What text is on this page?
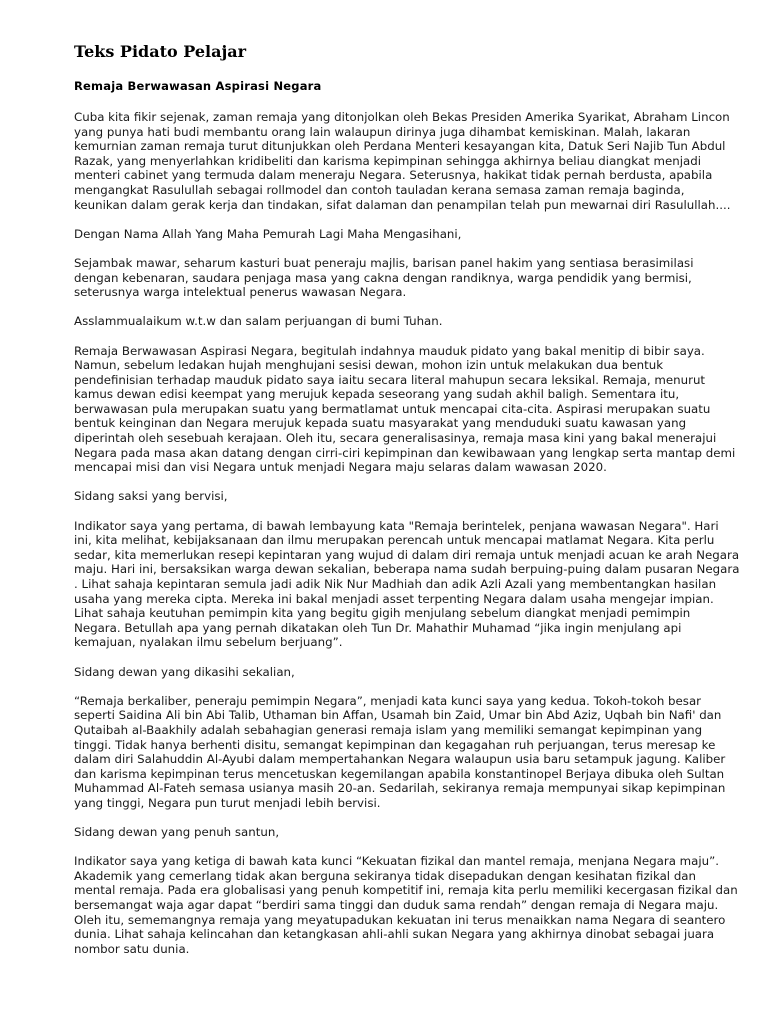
Teks Pidato Pelajar
Remaja Berwawasan Aspirasi Negara

Cuba kita fikir sejenak, zaman remaja yang ditonjolkan oleh Bekas Presiden Amerika Syarikat, Abraham Lincon yang punya hati budi membantu orang lain walaupun dirinya juga dihambat kemiskinan. Malah, lakaran kemurnian zaman remaja turut ditunjukkan oleh Perdana Menteri kesayangan kita, Datuk Seri Najib Tun Abdul Razak, yang menyerlahkan kridibeliti dan karisma kepimpinan sehingga akhirnya beliau diangkat menjadi menteri cabinet yang termuda dalam meneraju Negara. Seterusnya, hakikat tidak pernah berdusta, apabila mengangkat Rasulullah sebagai rollmodel dan contoh tauladan kerana semasa zaman remaja baginda, keunikan dalam gerak kerja dan tindakan, sifat dalaman dan penampilan telah pun mewarnai diri Rasulullah....

Dengan Nama Allah Yang Maha Pemurah Lagi Maha Mengasihani,

Sejambak mawar, seharum kasturi buat peneraju majlis, barisan panel hakim yang sentiasa berasimilasi dengan kebenaran, saudara penjaga masa yang cakna dengan randiknya, warga pendidik yang bermisi, seterusnya warga intelektual penerus wawasan Negara.

Asslammualaikum w.t.w dan salam perjuangan di bumi Tuhan.

Remaja Berwawasan Aspirasi Negara, begitulah indahnya mauduk pidato yang bakal menitip di bibir saya. Namun, sebelum ledakan hujah menghujani sesisi dewan, mohon izin untuk melakukan dua bentuk pendefinisian terhadap mauduk pidato saya iaitu secara literal mahupun secara leksikal. Remaja, menurut kamus dewan edisi keempat yang merujuk kepada seseorang yang sudah akhil baligh. Sementara itu, berwawasan pula merupakan suatu yang bermatlamat untuk mencapai cita-cita. Aspirasi merupakan suatu bentuk keinginan dan Negara merujuk kepada suatu masyarakat yang menduduki suatu kawasan yang diperintah oleh sesebuah kerajaan. Oleh itu, secara generalisasinya, remaja masa kini yang bakal menerajui Negara pada masa akan datang dengan cirri-ciri kepimpinan dan kewibawaan yang lengkap serta mantap demi mencapai misi dan visi Negara untuk menjadi Negara maju selaras dalam wawasan 2020.

Sidang saksi yang bervisi,

Indikator saya yang pertama, di bawah lembayung kata "Remaja berintelek, penjana wawasan Negara". Hari ini, kita melihat, kebijaksanaan dan ilmu merupakan perencah untuk mencapai matlamat Negara. Kita perlu sedar, kita memerlukan resepi kepintaran yang wujud di dalam diri remaja untuk menjadi acuan ke arah Negara maju. Hari ini, bersaksikan warga dewan sekalian, beberapa nama sudah berpuing-puing dalam pusaran Negara . Lihat sahaja kepintaran semula jadi adik Nik Nur Madhiah dan adik Azli Azali yang membentangkan hasilan usaha yang mereka cipta. Mereka ini bakal menjadi asset terpenting Negara dalam usaha mengejar impian. Lihat sahaja keutuhan pemimpin kita yang begitu gigih menjulang sebelum diangkat menjadi pemimpin Negara. Betullah apa yang pernah dikatakan oleh Tun Dr. Mahathir Muhamad “jika ingin menjulang api kemajuan, nyalakan ilmu sebelum berjuang”.

Sidang dewan yang dikasihi sekalian,

“Remaja berkaliber, peneraju pemimpin Negara”, menjadi kata kunci saya yang kedua. Tokoh-tokoh besar seperti Saidina Ali bin Abi Talib, Uthaman bin Affan, Usamah bin Zaid, Umar bin Abd Aziz, Uqbah bin Nafi' dan Qutaibah al-Baakhily adalah sebahagian generasi remaja islam yang memiliki semangat kepimpinan yang tinggi. Tidak hanya berhenti disitu, semangat kepimpinan dan kegagahan ruh perjuangan, terus meresap ke dalam diri Salahuddin Al-Ayubi dalam mempertahankan Negara walaupun usia baru setampuk jagung. Kaliber dan karisma kepimpinan terus mencetuskan kegemilangan apabila konstantinopel Berjaya dibuka oleh Sultan Muhammad Al-Fateh semasa usianya masih 20-an. Sedarilah, sekiranya remaja mempunyai sikap kepimpinan yang tinggi, Negara pun turut menjadi lebih bervisi.

Sidang dewan yang penuh santun,

Indikator saya yang ketiga di bawah kata kunci “Kekuatan fizikal dan mantel remaja, menjana Negara maju”. Akademik yang cemerlang tidak akan berguna sekiranya tidak disepadukan dengan kesihatan fizikal dan mental remaja. Pada era globalisasi yang penuh kompetitif ini, remaja kita perlu memiliki kecergasan fizikal dan bersemangat waja agar dapat “berdiri sama tinggi dan duduk sama rendah” dengan remaja di Negara maju. Oleh itu, sememangnya remaja yang meyatupadukan kekuatan ini terus menaikkan nama Negara di seantero dunia. Lihat sahaja kelincahan dan ketangkasan ahli-ahli sukan Negara yang akhirnya dinobat sebagai juara nombor satu dunia.
